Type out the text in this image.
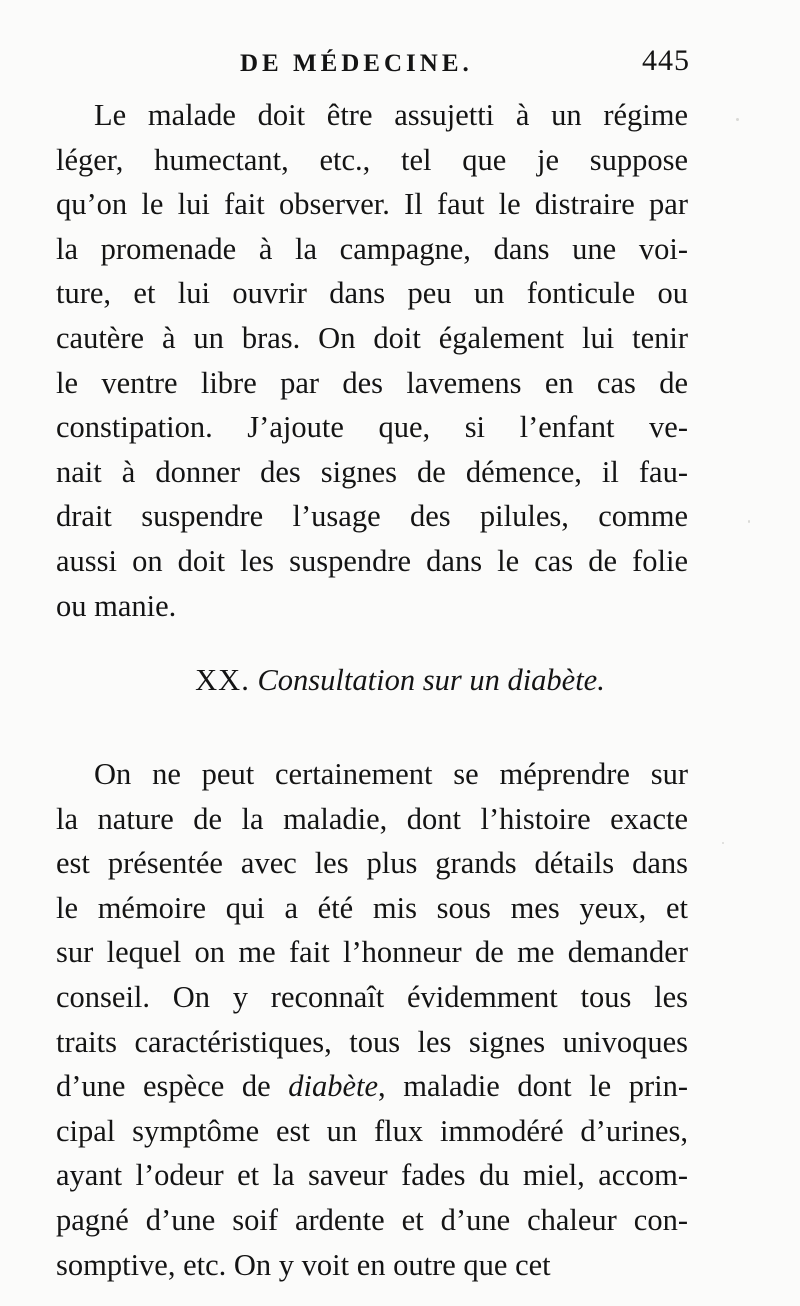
DE MÉDECINE.	445
Le malade doit être assujetti à un régime
léger, humectant, etc., tel que je suppose
qu’on le lui fait observer. Il faut le distraire par
la promenade à la campagne, dans une voi-
ture, et lui ouvrir dans peu un fonticule ou
cautère à un bras. On doit également lui tenir
le ventre libre par des lavemens en cas de
constipation. J’ajoute que, si l’enfant ve-
nait à donner des signes de démence, il fau-
drait suspendre l’usage des pilules, comme
aussi on doit les suspendre dans le cas de folie
ou manie.
XX. Consultation sur un diabète.
On ne peut certainement se méprendre sur
la nature de la maladie, dont l’histoire exacte
est présentée avec les plus grands détails dans
le mémoire qui a été mis sous mes yeux, et
sur lequel on me fait l’honneur de me demander
conseil. On y reconnaît évidemment tous les
traits caractéristiques, tous les signes univoques
d’une espèce de diabète, maladie dont le prin-
cipal symptôme est un flux immodéré d’urines,
ayant l’odeur et la saveur fades du miel, accom-
pagné d’une soif ardente et d’une chaleur con-
somptive, etc. On y voit en outre que cet
